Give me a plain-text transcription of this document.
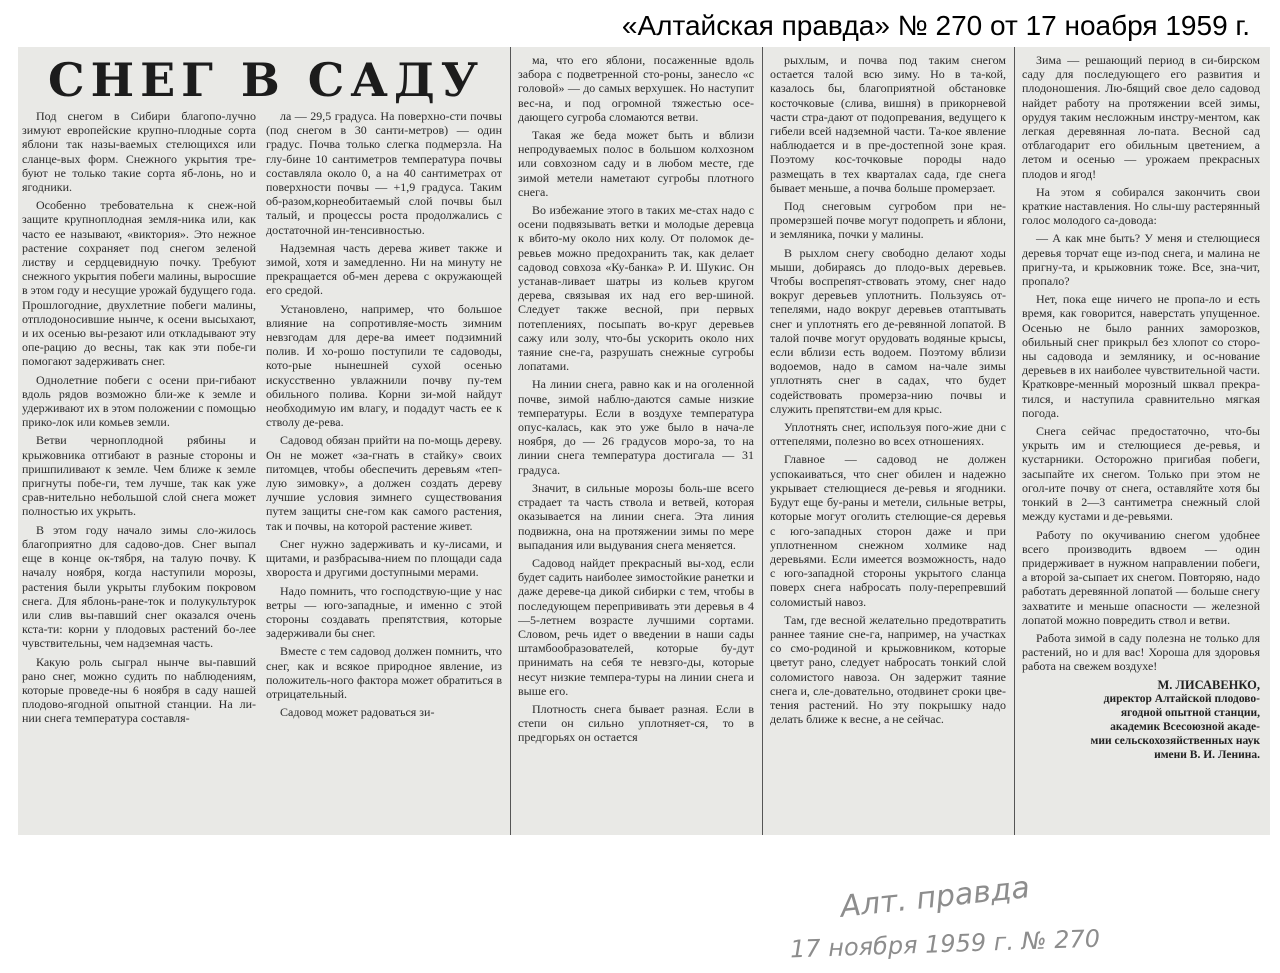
«Алтайская правда» № 270 от 17 ноабря 1959 г.
СНЕГ В САДУ

Под снегом в Сибири благопо-лучно зимуют европейские крупно-плодные сорта яблони так назы-ваемых стелющихся или сланце-вых форм. Снежного укрытия тре-буют не только такие сорта яб-лонь, но и ягодники.

Особенно требовательна к снеж-ной защите крупноплодная земля-ника или, как часто ее называют, «виктория». Это нежное растение сохраняет под снегом зеленой листву и сердцевидную почку. Требуют снежного укрытия побеги малины, выросшие в этом году и несущие урожай будущего года. Прошлогодние, двухлетние побеги малины, отплодоносившие нынче, к осени высыхают, и их осенью вы-резают или откладывают эту опе-рацию до весны, так как эти побе-ги помогают задерживать снег.

Однолетние побеги с осени при-гибают вдоль рядов возможно бли-же к земле и удерживают их в этом положении с помощью прико-лок или комьев земли.

Ветви черноплодной рябины и крыжовника отгибают в разные стороны и пришпиливают к земле. Чем ближе к земле пригнуты побе-ги, тем лучше, так как уже срав-нительно небольшой слой снега может полностью их укрыть.

В этом году начало зимы сло-жилось благоприятно для садово-дов. Снег выпал еще в конце ок-тября, на талую почву. К началу ноября, когда наступили морозы, растения были укрыты глубоким покровом снега. Для яблонь-ране-ток и полукультурок или слив вы-павший снег оказался очень кста-ти: корни у плодовых растений бо-лее чувствительны, чем надземная часть.

Какую роль сыграл нынче вы-павший рано снег, можно судить по наблюдениям, которые проведе-ны 6 ноября в саду нашей плодово-ягодной опытной станции. На ли-нии снега температура составля-

ла — 29,5 градуса. На поверхно-сти почвы (под снегом в 30 санти-метров) — один градус. Почва только слегка подмерзла. На глу-бине 10 сантиметров температура почвы составляла около 0, а на 40 сантиметрах от поверхности почвы — +1,9 градуса. Таким об-разом,корнеобитаемый слой почвы был талый, и процессы роста продолжались с достаточной ин-тенсивностью.

Надземная часть дерева живет также и зимой, хотя и замедленно. Ни на минуту не прекращается об-мен дерева с окружающей его средой.

Установлено, например, что большое влияние на сопротивляе-мость зимним невзгодам для дере-ва имеет подзимний полив. И хо-рошо поступили те садоводы, кото-рые нынешней сухой осенью искусственно увлажнили почву пу-тем обильного полива. Корни зи-мой найдут необходимую им влагу, и подадут часть ее к стволу де-рева.

Садовод обязан прийти на по-мощь дереву. Он не может «за-гнать в стайку» своих питомцев, чтобы обеспечить деревьям «теп-лую зимовку», а должен создать дереву лучшие условия зимнего существования путем защиты сне-гом как самого растения, так и почвы, на которой растение живет.

Снег нужно задерживать и ку-лисами, и щитами, и разбрасыва-нием по площади сада хвороста и другими доступными мерами.

Надо помнить, что господствую-щие у нас ветры — юго-западные, и именно с этой стороны создавать препятствия, которые задерживали бы снег.

Вместе с тем садовод должен помнить, что снег, как и всякое природное явление, из положитель-ного фактора может обратиться в отрицательный.

Садовод может радоваться зи-

ма, что его яблони, посаженные вдоль забора с подветренной сто-роны, занесло «с головой» — до самых верхушек. Но наступит вес-на, и под огромной тяжестью осе-дающего сугроба сломаются ветви.

Такая же беда может быть и вблизи непродуваемых полос в большом колхозном или совхозном саду и в любом месте, где зимой метели наметают сугробы плотного снега.

Во избежание этого в таких ме-стах надо с осени подвязывать ветки и молодые деревца к вбито-му около них колу. От поломок де-ревьев можно предохранить так, как делает садовод совхоза «Ку-банка» Р. И. Шукис. Он устанав-ливает шатры из кольев кругом дерева, связывая их над его вер-шиной. Следует также весной, при первых потеплениях, посыпать во-круг деревьев сажу или золу, что-бы ускорить около них таяние сне-га, разрушать снежные сугробы лопатами.

На линии снега, равно как и на оголенной почве, зимой наблю-даются самые низкие температуры. Если в воздухе температура опус-калась, как это уже было в нача-ле ноября, до — 26 градусов моро-за, то на линии снега температура достигала — 31 градуса.

Значит, в сильные морозы боль-ше всего страдает та часть ствола и ветвей, которая оказывается на линии снега. Эта линия подвижна, она на протяжении зимы по мере выпадания или выдувания снега меняется.

Садовод найдет прекрасный вы-ход, если будет садить наиболее зимостойкие ранетки и даже дереве-ца дикой сибирки с тем, чтобы в последующем перепрививать эти деревья в 4—5-летнем возрасте лучшими сортами. Словом, речь идет о введении в наши сады штамбообразователей, которые бу-дут принимать на себя те невзго-ды, которые несут низкие темпера-туры на линии снега и выше его.

Плотность снега бывает разная. Если в степи он сильно уплотняет-ся, то в предгорьях он остается

рыхлым, и почва под таким снегом остается талой всю зиму. Но в та-кой, казалось бы, благоприятной обстановке косточковые (слива, вишня) в прикорневой части стра-дают от подопревания, ведущего к гибели всей надземной части. Та-кое явление наблюдается и в пре-достепной зоне края. Поэтому кос-точковые породы надо размещать в тех кварталах сада, где снега бывает меньше, а почва больше промерзает.

Под снеговым сугробом при не-промерзшей почве могут подопреть и яблони, и земляника, почки у малины.

В рыхлом снегу свободно делают ходы мыши, добираясь до плодо-вых деревьев. Чтобы воспрепят-ствовать этому, снег надо вокруг деревьев уплотнить. Пользуясь от-тепелями, надо вокруг деревьев отаптывать снег и уплотнять его де-ревянной лопатой. В талой почве могут орудовать водяные крысы, если вблизи есть водоем. Поэтому вблизи водоемов, надо в самом на-чале зимы уплотнять снег в садах, что будет содействовать промерза-нию почвы и служить препятстви-ем для крыс.

Уплотнять снег, используя пого-жие дни с оттепелями, полезно во всех отношениях.

Главное — садовод не должен успокаиваться, что снег обилен и надежно укрывает стелющиеся де-ревья и ягодники. Будут еще бу-раны и метели, сильные ветры, которые могут оголить стелющие-ся деревья с юго-западных сторон даже и при уплотненном снежном холмике над деревьями. Если имеется возможность, надо с юго-западной стороны укрытого сланца поверх снега набросать полу-перепревший соломистый навоз.

Там, где весной желательно предотвратить раннее таяние сне-га, например, на участках со смо-родиной и крыжовником, которые цветут рано, следует набросать тонкий слой соломистого навоза. Он задержит таяние снега и, сле-довательно, отодвинет сроки цве-тения растений. Но эту покрышку надо делать ближе к весне, а не сейчас.

Зима — решающий период в си-бирском саду для последующего его развития и плодоношения. Лю-бящий свое дело садовод найдет работу на протяжении всей зимы, орудуя таким несложным инстру-ментом, как легкая деревянная ло-пата. Весной сад отблагодарит его обильным цветением, а летом и осенью — урожаем прекрасных плодов и ягод!

На этом я собирался закончить свои краткие наставления. Но слы-шу растерянный голос молодого са-довода:

— А как мне быть? У меня и стелющиеся деревья торчат еще из-под снега, и малина не пригну-та, и крыжовник тоже. Все, зна-чит, пропало?

Нет, пока еще ничего не пропа-ло и есть время, как говорится, наверстать упущенное. Осенью не было ранних заморозков, обильный снег прикрыл без хлопот со сторо-ны садовода и землянику, и ос-нование деревьев в их наиболее чувствительной части. Кратковре-менный морозный шквал прекра-тился, и наступила сравнительно мягкая погода.

Снега сейчас предостаточно, что-бы укрыть им и стелющиеся де-ревья, и кустарники. Осторожно пригибая побеги, засыпайте их снегом. Только при этом не огол-ите почву от снега, оставляйте хотя бы тонкий в 2—3 сантиметра снежный слой между кустами и де-ревьями.

Работу по окучиванию снегом удобнее всего производить вдвоем — один придерживает в нужном направлении побеги, а второй за-сыпает их снегом. Повторяю, надо работать деревянной лопатой — больше снегу захватите и меньше опасности — железной лопатой можно повредить ствол и ветви.

Работа зимой в саду полезна не только для растений, но и для вас! Хороша для здоровья работа на свежем воздухе!

М. ЛИСАВЕНКО,
директор Алтайской плодово-
ягодной опытной станции,
академик Всесоюзной акаде-
мии сельскохозяйственных наук
имени В. И. Ленина.
Алт. правда
17 ноября 1959 г. № 270
